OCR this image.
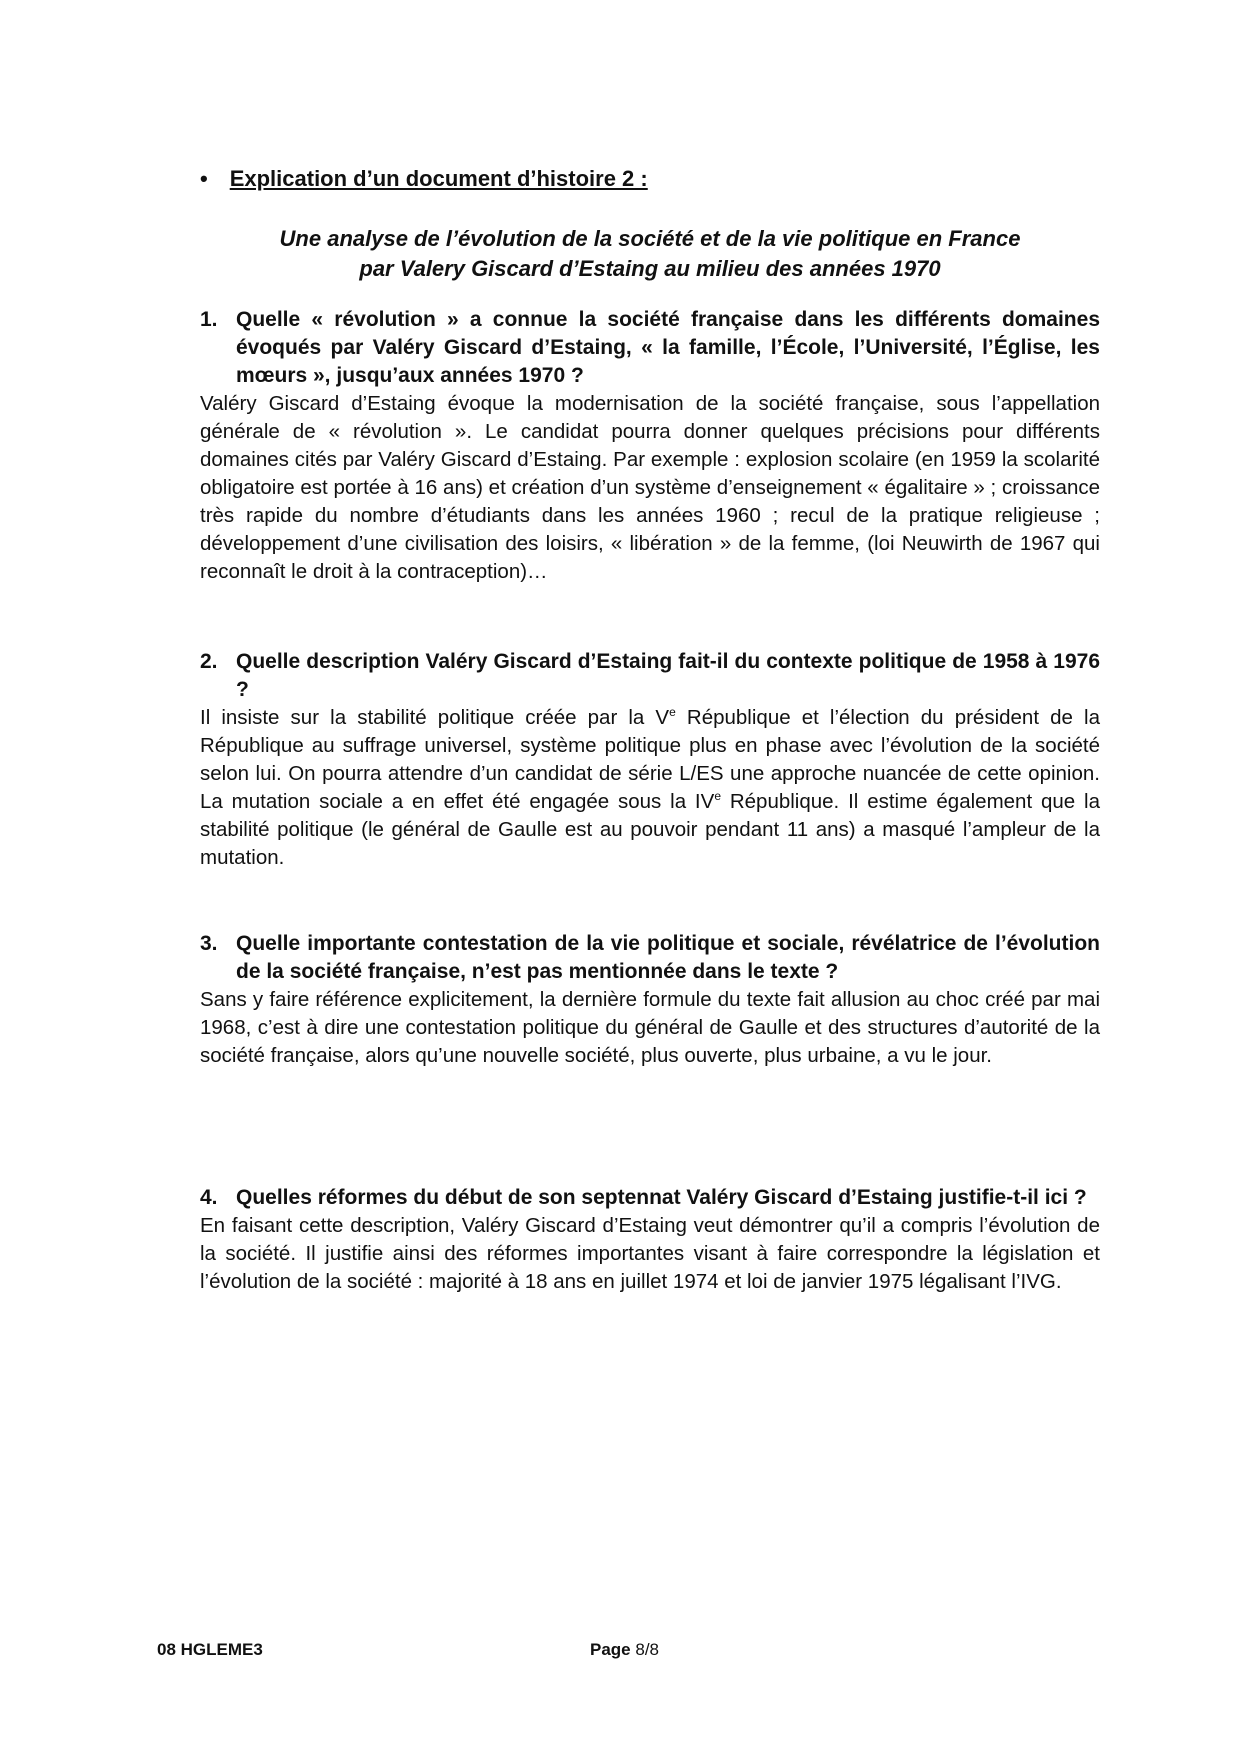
• Explication d’un document d’histoire 2 :
Une analyse de l’évolution de la société et de la vie politique en France
par Valery Giscard d’Estaing au milieu des années 1970
1. Quelle « révolution » a connue la société française dans les différents domaines évoqués par Valéry Giscard d’Estaing, « la famille, l’École, l’Université, l’Église, les mœurs », jusqu’aux années 1970 ?

Valéry Giscard d’Estaing évoque la modernisation de la société française, sous l’appellation générale de « révolution ». Le candidat pourra donner quelques précisions pour différents domaines cités par Valéry Giscard d’Estaing. Par exemple : explosion scolaire (en 1959 la scolarité obligatoire est portée à 16 ans) et création d’un système d’enseignement « égalitaire » ; croissance très rapide du nombre d’étudiants dans les années 1960 ; recul de la pratique religieuse ; développement d’une civilisation des loisirs, « libération » de la femme, (loi Neuwirth de 1967 qui reconnaît le droit à la contraception)…

2. Quelle description Valéry Giscard d’Estaing fait-il du contexte politique de 1958 à 1976 ?

Il insiste sur la stabilité politique créée par la Ve République et l’élection du président de la République au suffrage universel, système politique plus en phase avec l’évolution de la société selon lui. On pourra attendre d’un candidat de série L/ES une approche nuancée de cette opinion. La mutation sociale a en effet été engagée sous la IVe République. Il estime également que la stabilité politique (le général de Gaulle est au pouvoir pendant 11 ans) a masqué l’ampleur de la mutation.

3. Quelle importante contestation de la vie politique et sociale, révélatrice de l’évolution de la société française, n’est pas mentionnée dans le texte ?

Sans y faire référence explicitement, la dernière formule du texte fait allusion au choc créé par mai 1968, c’est à dire une contestation politique du général de Gaulle et des structures d’autorité de la société française, alors qu’une nouvelle société, plus ouverte, plus urbaine, a vu le jour.

4. Quelles réformes du début de son septennat Valéry Giscard d’Estaing justifie-t-il ici ?

En faisant cette description, Valéry Giscard d’Estaing veut démontrer qu’il a compris l’évolution de la société. Il justifie ainsi des réformes importantes visant à faire correspondre la législation et l’évolution de la société : majorité à 18 ans en juillet 1974 et loi de janvier 1975 légalisant l’IVG.

08 HGLEME3	Page 8/8
